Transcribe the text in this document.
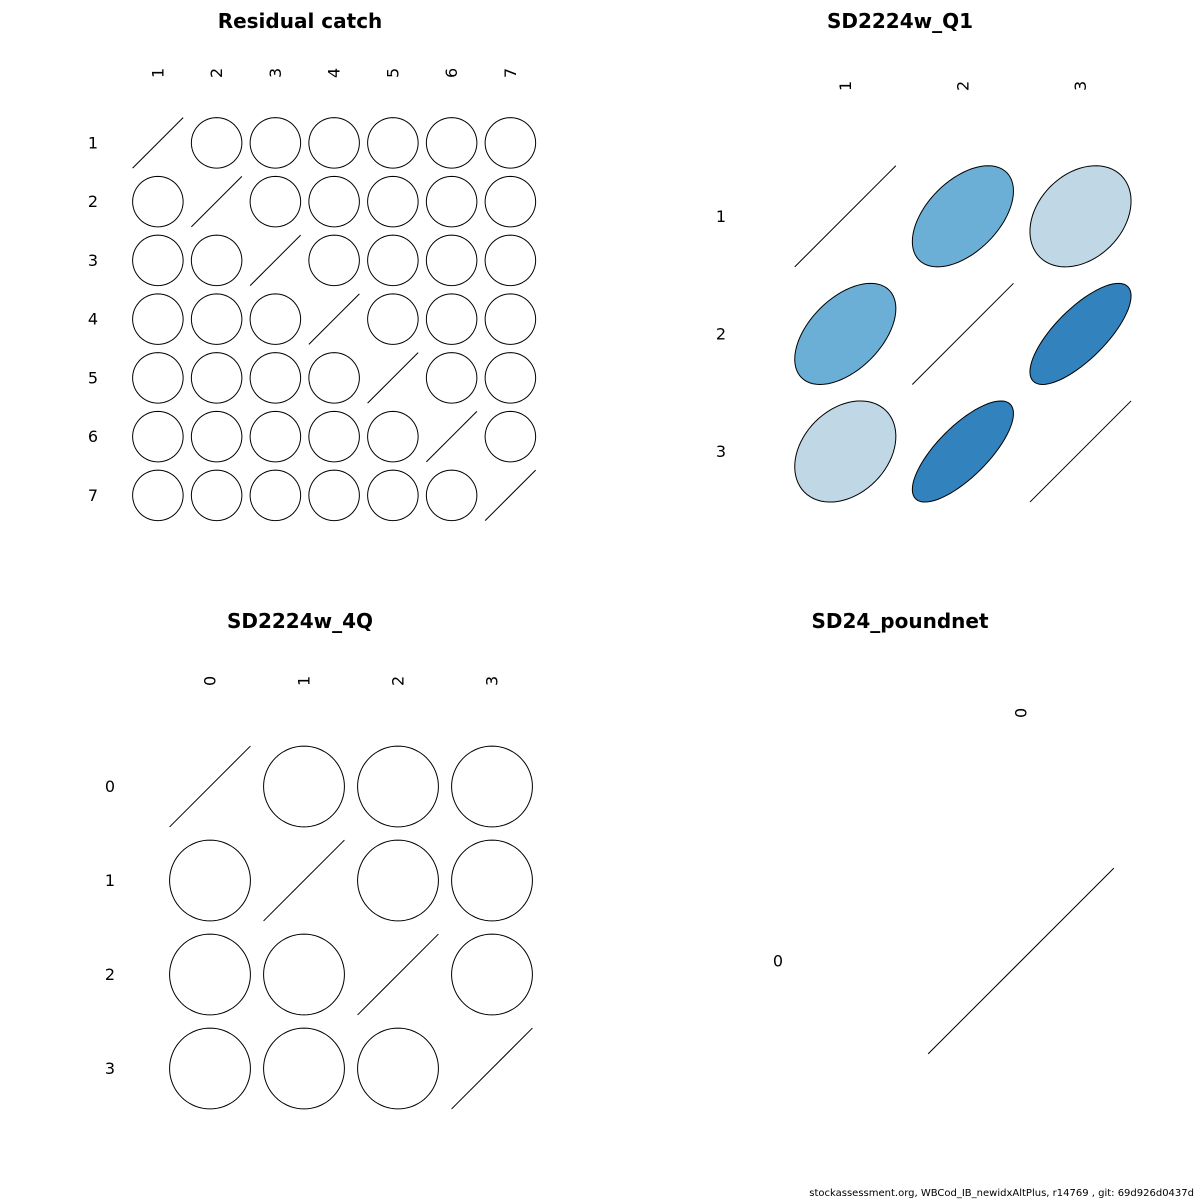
Residual catch
1 2 3 4 5 6 7
1
2
3
4
5
6
7
SD2224w_Q1
1	2	3
1
2
3
SD2224w_4Q
0	1	2	3
0
1
2
3
SD24_poundnet
0
0
stockassessment.org, WBCod_IB_newidxAltPlus, r14769 , git: 69d926d0437d
